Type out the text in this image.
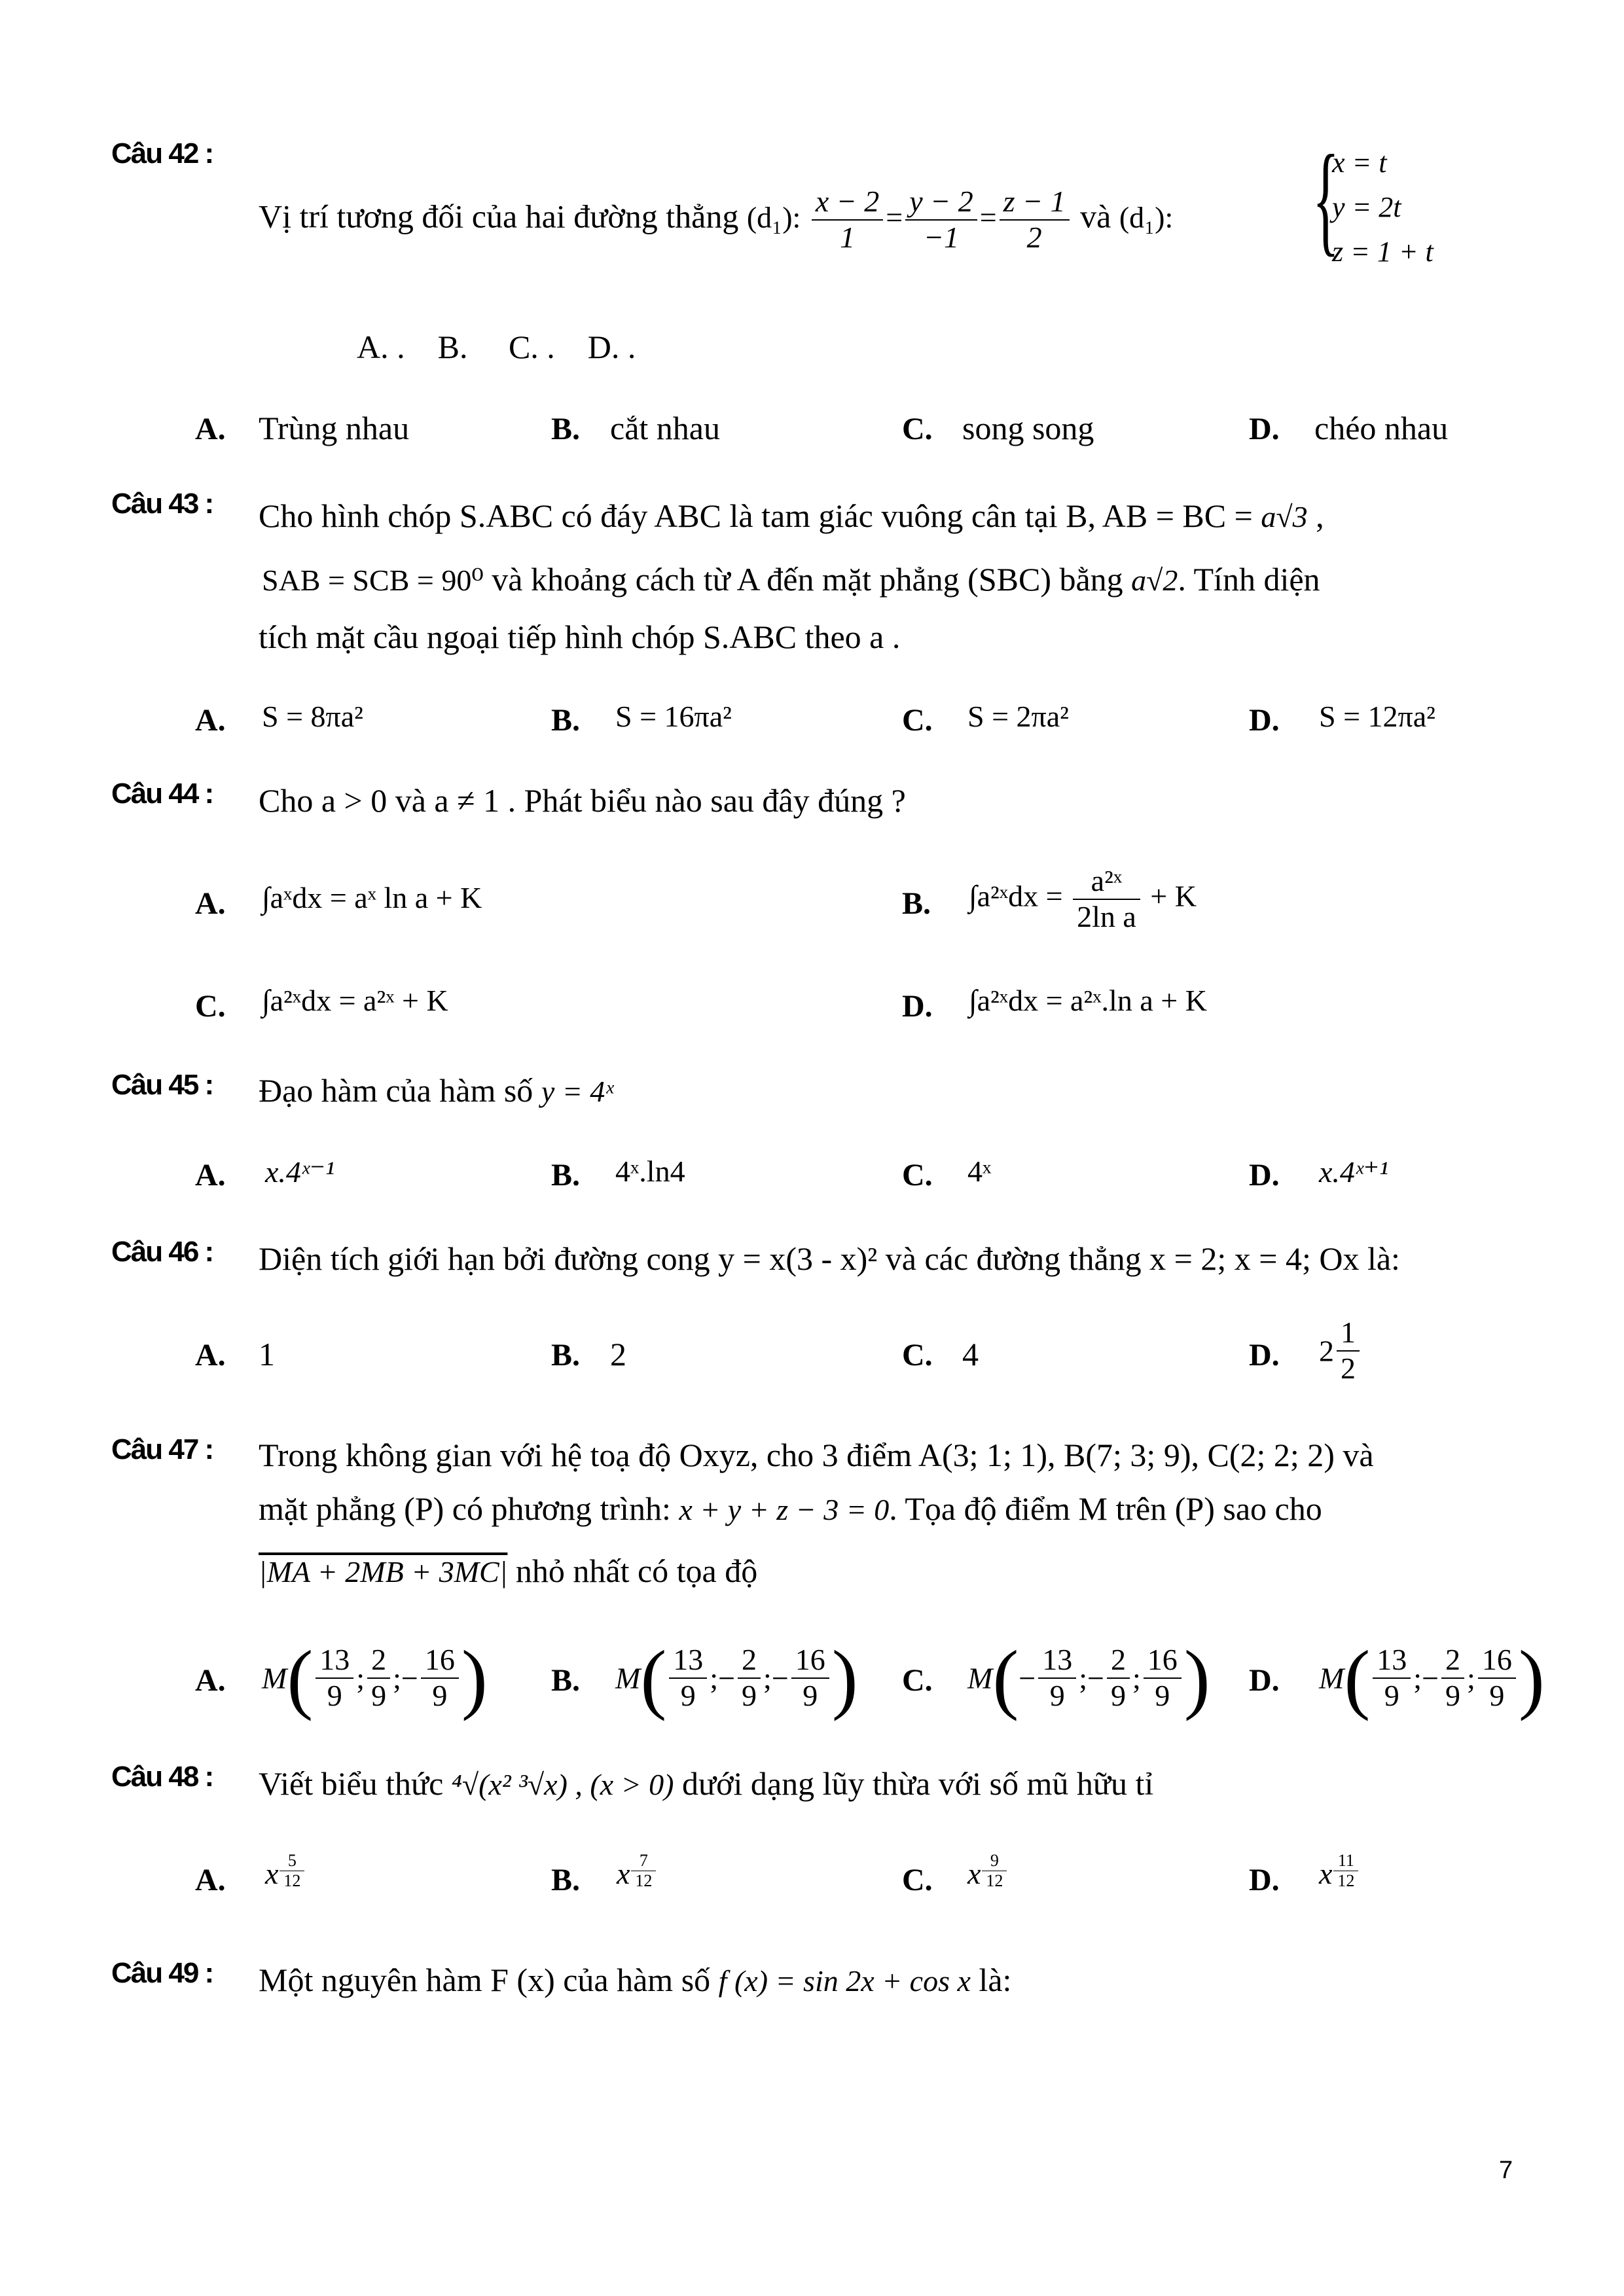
Câu 42 :
Vị trí tương đối của hai đường thẳng (d₁): $\frac{x - 2}{1} = \frac{y - 2}{-1} = \frac{z - 1}{2}$ và (d₁): {
x = t
y = 2t
z = 1 + t
A. .    B.     C. .    D. .
A. Trùng nhau	B. cắt nhau	C. song song	D. chéo nhau
Câu 43 : Cho hình chóp S.ABC có đáy ABC là tam giác vuông cân tại B, AB = BC = a√3 ,
SAB = SCB = 90⁰ và khoảng cách từ A đến mặt phẳng (SBC) bằng a√2. Tính diện
tích mặt cầu ngoại tiếp hình chóp S.ABC theo a .
A. S = 8πa²	B. S = 16πa²	C. S = 2πa²	D. S = 12πa²
Câu 44 : Cho a > 0 và a ≠ 1 . Phát biểu nào sau đây đúng ?
A. ∫aˣdx = aˣ ln a + K	B. ∫a²ˣdx = $\frac{\text{a²ˣ}}{\text{2ln a}} + K$
C. ∫a²ˣdx = a²ˣ + K	D. ∫a²ˣdx = a²ˣ.ln a + K
Câu 45 : Đạo hàm của hàm số y = 4ˣ
A. x.4ˣ⁻¹	B. 4ˣ.ln4	C. 4ˣ	D. x.4ˣ⁺¹
Câu 46 : Diện tích giới hạn bởi đường cong y = x(3 - x)² và các đường thẳng x = 2; x = 4; Ox là:
A. 1	B. 2	C. 4	D. $2 \frac{1}{2}$
Câu 47 : Trong không gian với hệ toạ độ Oxyz, cho 3 điểm A(3; 1; 1), B(7; 3; 9), C(2; 2; 2) và
mặt phẳng (P) có phương trình: x + y + z − 3 = 0. Tọa độ điểm M trên (P) sao cho
|MA + 2MB + 3MC| nhỏ nhất có tọa độ
A. $M( \frac{13}{9}$ ; $\frac{2}{9}$ ;− $\frac{16}{9}$ ) B. $M( \frac{13}{9}$ ;− $\frac{2}{9}$ ;− $\frac{16}{9}$ ) C. $M(- \frac{13}{9}$ ;− $\frac{2}{9}$ ; $\frac{16}{9}$ ) D. $M( \frac{13}{9}$ ;− $\frac{2}{9}$ ; $\frac{16}{9}$ )
Câu 48 : Viết biểu thức ⁴√(x² ³√x) , (x > 0) dưới dạng lũy thừa với số mũ hữu tỉ
A. x $\frac{5}{12}$	B. x $\frac{7}{12}$	C. x $\frac{9}{12}$	D. x $\frac{11}{12}$
Câu 49 : Một nguyên hàm F (x) của hàm số f (x) = sin 2x + cos x là:
7
